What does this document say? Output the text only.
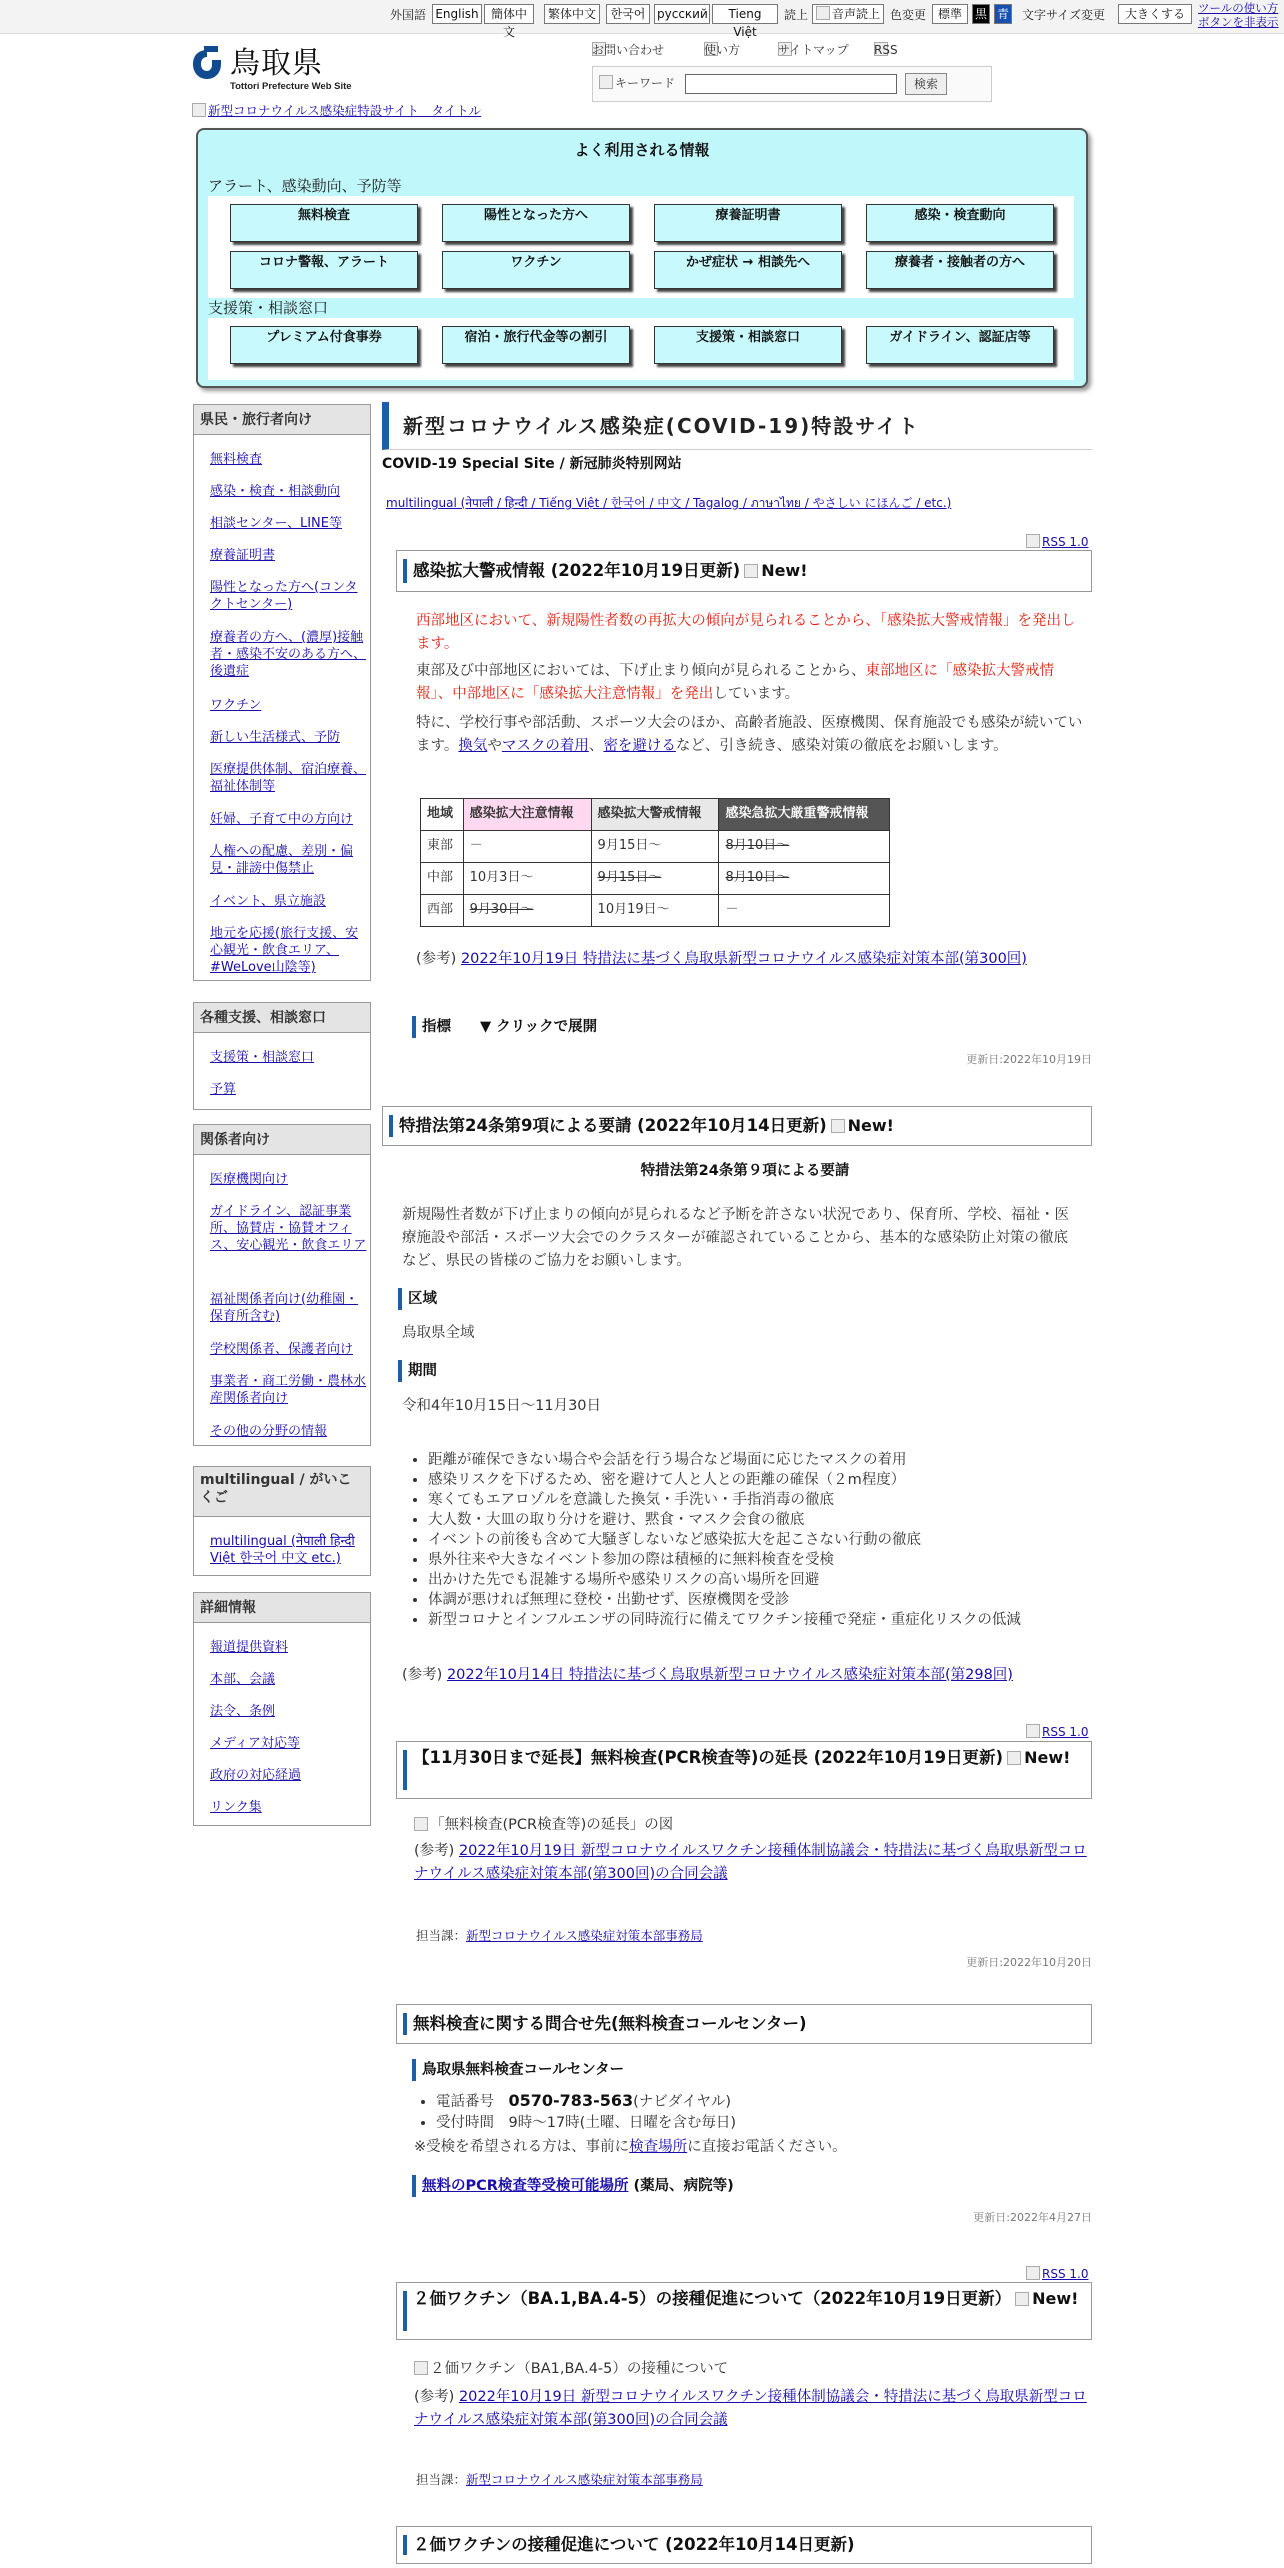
外国語 English	簡体中文
繁体中文	한국어 русский	Tieng Việt
読上	音声読上 色変更 標準	黒 青 文字サイズ変更	大きくする	ツールの使い方
ボタンを非表示
鳥取県
Tottori Prefecture Web Site
お問い合わせ	使い方	サイトマップ RSS
キーワード	検索
新型コロナウイルス感染症特設サイト　タイトル
よく利用される情報
アラート、感染動向、予防等
無料検査	陽性となった方へ	療養証明書	感染・検査動向
コロナ警報、アラート	ワクチン	かぜ症状 → 相談先へ	療養者・接触者の方へ
支援策・相談窓口
プレミアム付食事券	宿泊・旅行代金等の割引	支援策・相談窓口	ガイドライン、認証店等
県民・旅行者向け
無料検査
感染・検査・相談動向
相談センター、LINE等
療養証明書
陽性となった方へ(コンタクトセンター)
療養者の方へ、(濃厚)接触者・感染不安のある方へ、後遺症
ワクチン
新しい生活様式、予防
医療提供体制、宿泊療養、福祉体制等
妊婦、子育て中の方向け
人権への配慮、差別・偏見・誹謗中傷禁止
イベント、県立施設
地元を応援(旅行支援、安心観光・飲食エリア、#WeLove山陰等)
各種支援、相談窓口
支援策・相談窓口
予算
関係者向け
医療機関向け
ガイドライン、認証事業所、協賛店・協賛オフィス、安心観光・飲食エリア
福祉関係者向け(幼稚園・保育所含む)
学校関係者、保護者向け
事業者・商工労働・農林水産関係者向け
その他の分野の情報
multilingual / がいこくご
multilingual (नेपाली हिन्दी Việt 한국어 中文 etc.)
詳細情報
報道提供資料
本部、会議
法令、条例
メディア対応等
政府の対応経過
リンク集
新型コロナウイルス感染症(COVID-19)特設サイト
COVID-19 Special Site / 新冠肺炎特别网站
multilingual (नेपाली / हिन्दी / Tiếng Việt / 한국어 / 中文 / Tagalog / ภาษาไทย / やさしい にほんご / etc.)
RSS 1.0
感染拡大警戒情報 (2022年10月19日更新) New!
西部地区において、新規陽性者数の再拡大の傾向が見られることから、「感染拡大警戒情報」を発出します。
東部及び中部地区においては、下げ止まり傾向が見られることから、東部地区に「感染拡大警戒情報」、中部地区に「感染拡大注意情報」を発出しています。
特に、学校行事や部活動、スポーツ大会のほか、高齢者施設、医療機関、保育施設でも感染が続いています。換気やマスクの着用、密を避けるなど、引き続き、感染対策の徹底をお願いします。
地域	感染拡大注意情報	感染拡大警戒情報	感染急拡大厳重警戒情報
東部	－	9月15日～	8月10日～
中部	10月3日～	9月15日～	8月10日～
西部	9月30日～	10月19日～	－
(参考) 2022年10月19日 特措法に基づく鳥取県新型コロナウイルス感染症対策本部(第300回)
指標　　 ▼ クリックで展開
更新日:2022年10月19日
特措法第24条第9項による要請 (2022年10月14日更新) New!
特措法第24条第９項による要請
新規陽性者数が下げ止まりの傾向が見られるなど予断を許さない状況であり、保育所、学校、福祉・医療施設や部活・スポーツ大会でのクラスターが確認されていることから、基本的な感染防止対策の徹底など、県民の皆様のご協力をお願いします。
区域
鳥取県全域
期間
令和4年10月15日～11月30日
• 距離が確保できない場合や会話を行う場合など場面に応じたマスクの着用
• 感染リスクを下げるため、密を避けて人と人との距離の確保（２m程度）
• 寒くてもエアロゾルを意識した換気・手洗い・手指消毒の徹底
• 大人数・大皿の取り分けを避け、黙食・マスク会食の徹底
• イベントの前後も含めて大騒ぎしないなど感染拡大を起こさない行動の徹底
• 県外往来や大きなイベント参加の際は積極的に無料検査を受検
• 出かけた先でも混雑する場所や感染リスクの高い場所を回避
• 体調が悪ければ無理に登校・出勤せず、医療機関を受診
• 新型コロナとインフルエンザの同時流行に備えてワクチン接種で発症・重症化リスクの低減
(参考) 2022年10月14日 特措法に基づく鳥取県新型コロナウイルス感染症対策本部(第298回)
RSS 1.0
【11月30日まで延長】無料検査(PCR検査等)の延長 (2022年10月19日更新) New!
「無料検査(PCR検査等)の延長」の図
(参考) 2022年10月19日 新型コロナウイルスワクチン接種体制協議会・特措法に基づく鳥取県新型コロナウイルス感染症対策本部(第300回)の合同会議
担当課：新型コロナウイルス感染症対策本部事務局
更新日:2022年10月20日
無料検査に関する問合せ先(無料検査コールセンター)
鳥取県無料検査コールセンター
• 電話番号　 0570-783-563(ナビダイヤル)
• 受付時間　 9時～17時(土曜、日曜を含む毎日)
※受検を希望される方は、事前に検査場所に直接お電話ください。
無料のPCR検査等受検可能場所 (薬局、病院等)
更新日:2022年4月27日
RSS 1.0
２価ワクチン（BA.1,BA.4-5）の接種促進について（2022年10月19日更新） New!
２価ワクチン（BA1,BA.4-5）の接種について
(参考) 2022年10月19日 新型コロナウイルスワクチン接種体制協議会・特措法に基づく鳥取県新型コロナウイルス感染症対策本部(第300回)の合同会議
担当課：新型コロナウイルス感染症対策本部事務局
２価ワクチンの接種促進について (2022年10月14日更新)
